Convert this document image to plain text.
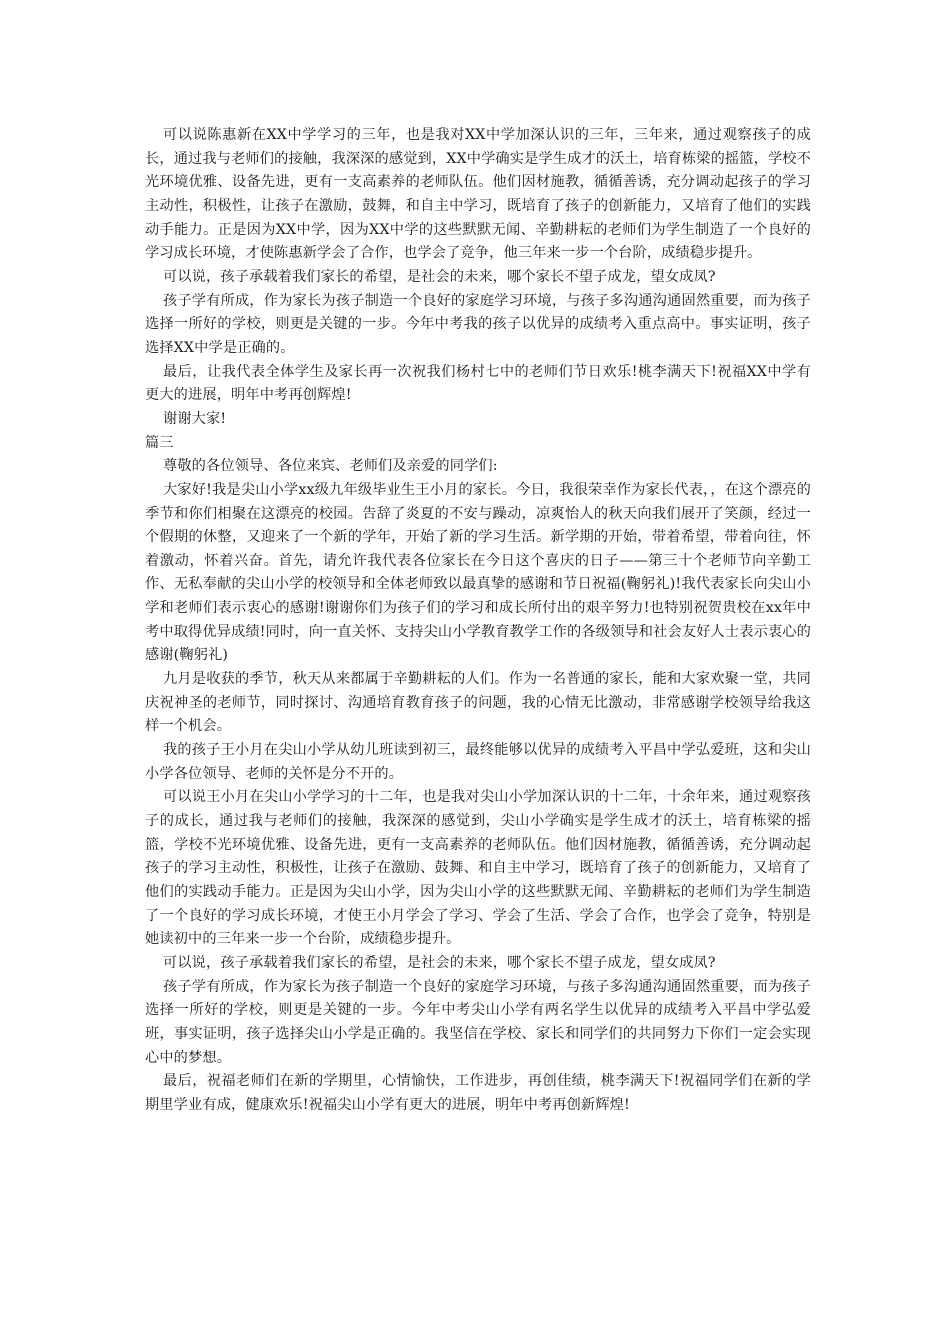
可以说陈惠新在XX中学学习的三年，也是我对XX中学加深认识的三年，三年来，通过观察孩子的成长，通过我与老师们的接触，我深深的感觉到，XX中学确实是学生成才的沃土，培育栋梁的摇篮，学校不光环境优雅、设备先进，更有一支高素养的老师队伍。他们因材施教，循循善诱，充分调动起孩子的学习主动性，积极性，让孩子在激励，鼓舞，和自主中学习，既培育了孩子的创新能力，又培育了他们的实践动手能力。正是因为XX中学，因为XX中学的这些默默无闻、辛勤耕耘的老师们为学生制造了一个良好的学习成长环境，才使陈惠新学会了合作，也学会了竞争，他三年来一步一个台阶，成绩稳步提升。

可以说，孩子承载着我们家长的希望，是社会的未来，哪个家长不望子成龙，望女成凤?

孩子学有所成，作为家长为孩子制造一个良好的家庭学习环境，与孩子多沟通沟通固然重要，而为孩子选择一所好的学校，则更是关键的一步。今年中考我的孩子以优异的成绩考入重点高中。事实证明，孩子选择XX中学是正确的。

最后，让我代表全体学生及家长再一次祝我们杨村七中的老师们节日欢乐!桃李满天下!祝福XX中学有更大的进展，明年中考再创辉煌!

谢谢大家!

篇三

尊敬的各位领导、各位来宾、老师们及亲爱的同学们:

大家好!我是尖山小学xx级九年级毕业生王小月的家长。今日，我很荣幸作为家长代表，，在这个漂亮的季节和你们相聚在这漂亮的校园。告辞了炎夏的不安与躁动，凉爽怡人的秋天向我们展开了笑颜，经过一个假期的休整，又迎来了一个新的学年，开始了新的学习生活。新学期的开始，带着希望，带着向往，怀着激动，怀着兴奋。首先，请允许我代表各位家长在今日这个喜庆的日子——第三十个老师节向辛勤工作、无私奉献的尖山小学的校领导和全体老师致以最真挚的感谢和节日祝福(鞠躬礼)!我代表家长向尖山小学和老师们表示衷心的感谢!谢谢你们为孩子们的学习和成长所付出的艰辛努力!也特别祝贺贵校在xx年中考中取得优异成绩!同时，向一直关怀、支持尖山小学教育教学工作的各级领导和社会友好人士表示衷心的感谢(鞠躬礼)

九月是收获的季节，秋天从来都属于辛勤耕耘的人们。作为一名普通的家长，能和大家欢聚一堂，共同庆祝神圣的老师节，同时探讨、沟通培育教育孩子的问题，我的心情无比激动，非常感谢学校领导给我这样一个机会。

我的孩子王小月在尖山小学从幼儿班读到初三，最终能够以优异的成绩考入平昌中学弘爱班，这和尖山小学各位领导、老师的关怀是分不开的。

可以说王小月在尖山小学学习的十二年，也是我对尖山小学加深认识的十二年，十余年来，通过观察孩子的成长，通过我与老师们的接触，我深深的感觉到，尖山小学确实是学生成才的沃土，培育栋梁的摇篮，学校不光环境优雅、设备先进，更有一支高素养的老师队伍。他们因材施教，循循善诱，充分调动起孩子的学习主动性，积极性，让孩子在激励、鼓舞、和自主中学习，既培育了孩子的创新能力，又培育了他们的实践动手能力。正是因为尖山小学，因为尖山小学的这些默默无闻、辛勤耕耘的老师们为学生制造了一个良好的学习成长环境，才使王小月学会了学习、学会了生活、学会了合作，也学会了竞争，特别是她读初中的三年来一步一个台阶，成绩稳步提升。

可以说，孩子承载着我们家长的希望，是社会的未来，哪个家长不望子成龙，望女成凤?

孩子学有所成，作为家长为孩子制造一个良好的家庭学习环境，与孩子多沟通沟通固然重要，而为孩子选择一所好的学校，则更是关键的一步。今年中考尖山小学有两名学生以优异的成绩考入平昌中学弘爱班，事实证明，孩子选择尖山小学是正确的。我坚信在学校、家长和同学们的共同努力下你们一定会实现心中的梦想。

最后，祝福老师们在新的学期里，心情愉快，工作进步，再创佳绩，桃李满天下!祝福同学们在新的学期里学业有成，健康欢乐!祝福尖山小学有更大的进展，明年中考再创新辉煌!
